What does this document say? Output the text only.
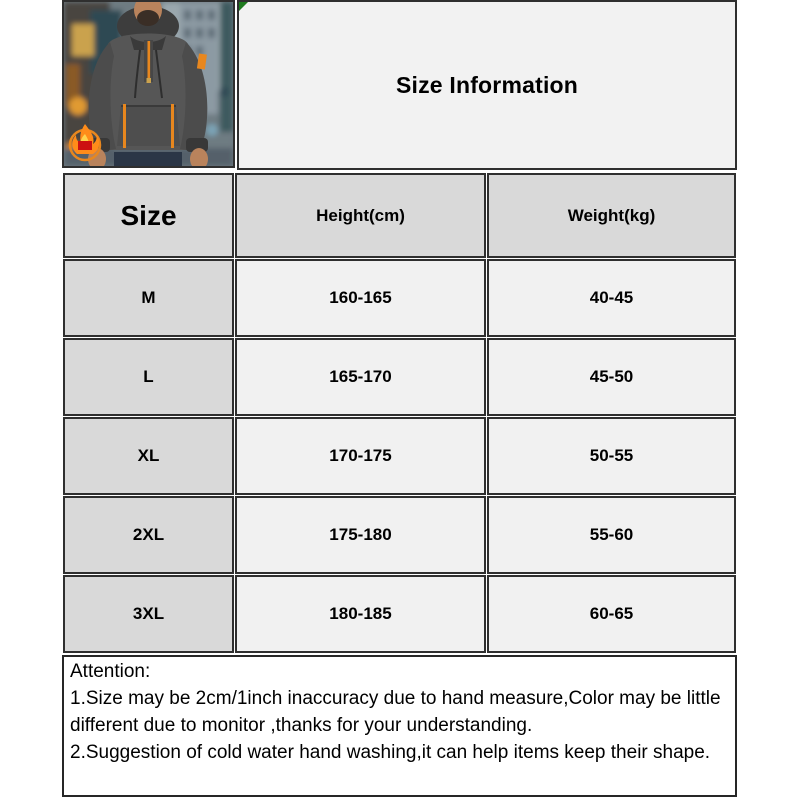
Size Information
Size	Height(cm)	Weight(kg)
M	160-165	40-45
L	165-170	45-50
XL	170-175	50-55
2XL	175-180	55-60
3XL	180-185	60-65

Attention:

1.Size may be 2cm/1inch inaccuracy due to hand measure,Color may be little different due to monitor ,thanks for your understanding.

2.Suggestion of cold water hand washing,it can help items keep their shape.
